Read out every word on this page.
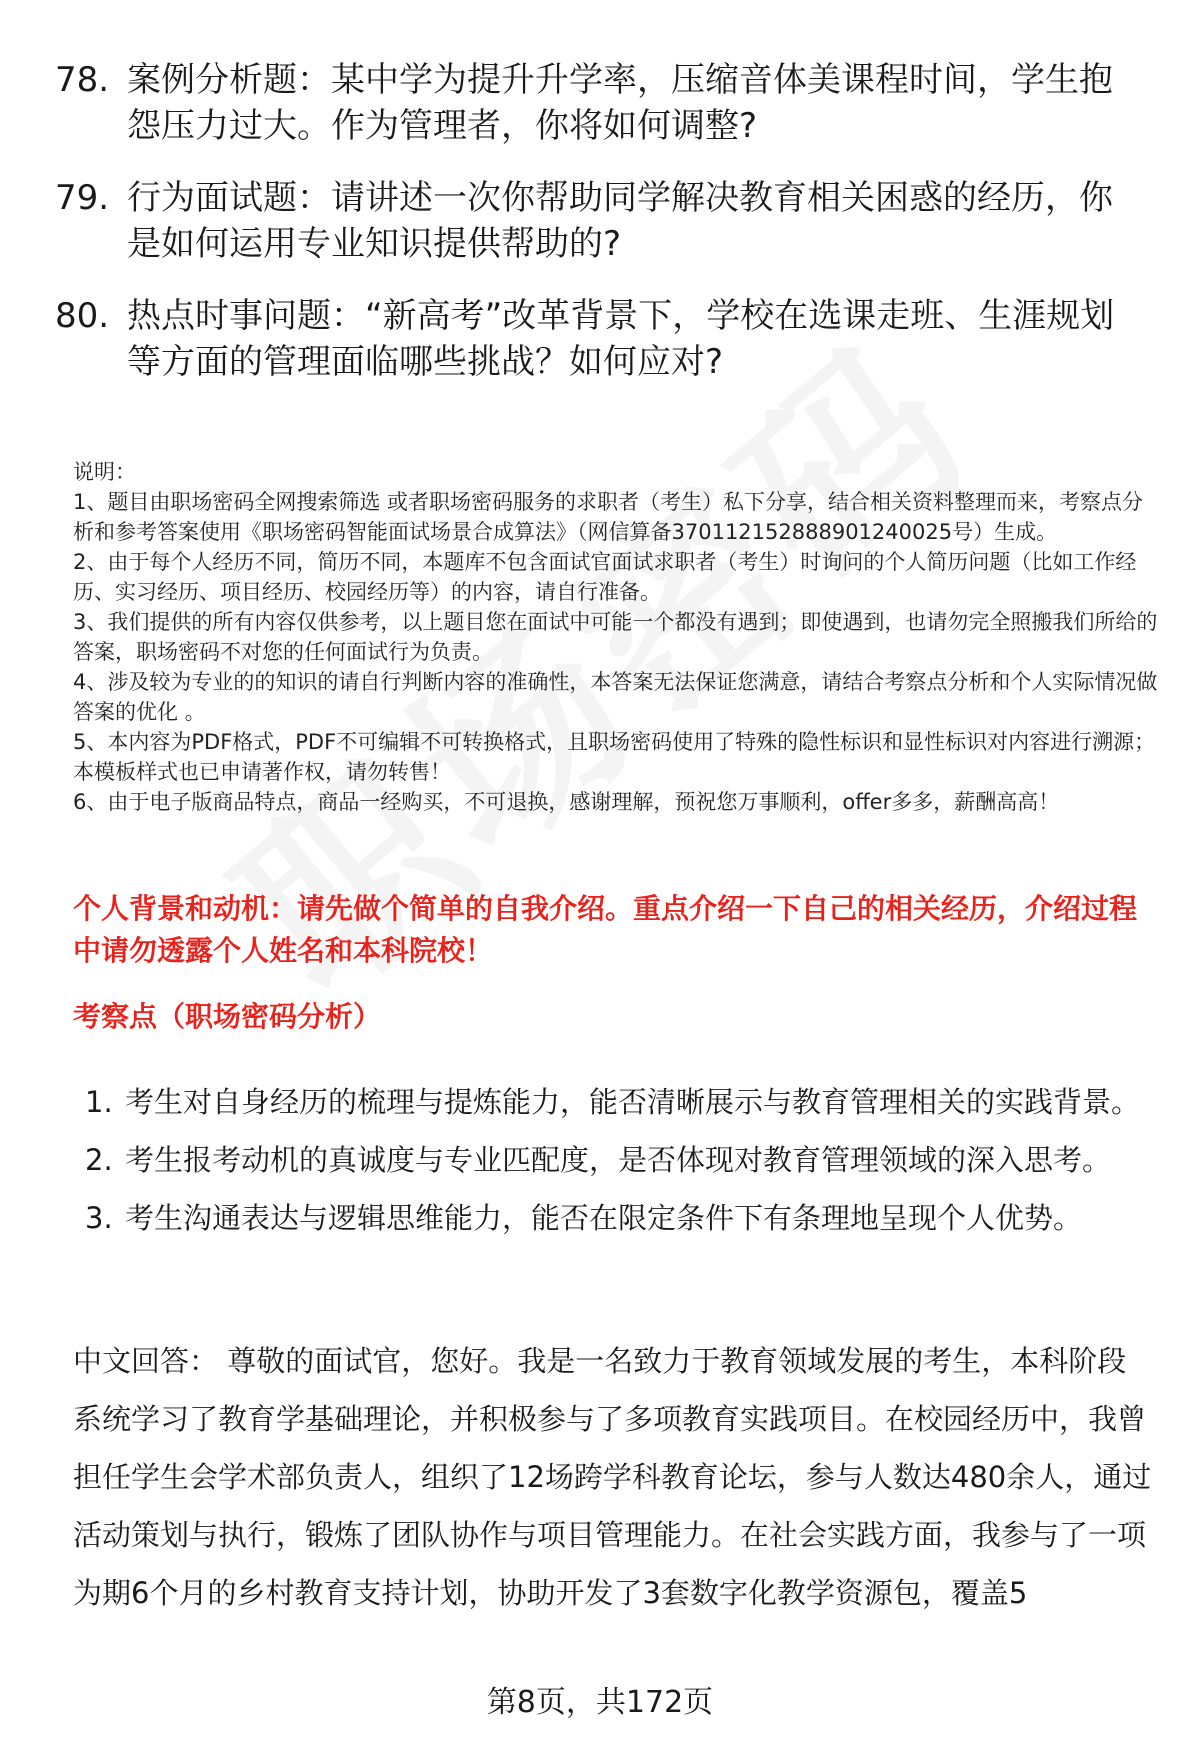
78. 案例分析题：某中学为提升升学率，压缩音体美课程时间，学生抱怨压力过大。作为管理者，你将如何调整?
79. 行为面试题：请讲述一次你帮助同学解决教育相关困惑的经历，你是如何运用专业知识提供帮助的?
80. 热点时事问题：“新高考”改革背景下，学校在选课走班、生涯规划等方面的管理面临哪些挑战？如何应对?

说明：

1、题目由职场密码全网搜索筛选 或者职场密码服务的求职者（考生）私下分享，结合相关资料整理而来，考察点分析和参考答案使用《职场密码智能面试场景合成算法》（网信算备370112152888901240025号）生成。

2、由于每个人经历不同，简历不同，本题库不包含面试官面试求职者（考生）时询问的个人简历问题（比如工作经历、实习经历、项目经历、校园经历等）的内容，请自行准备。

3、我们提供的所有内容仅供参考，以上题目您在面试中可能一个都没有遇到；即使遇到，也请勿完全照搬我们所给的答案，职场密码不对您的任何面试行为负责。

4、涉及较为专业的的知识的请自行判断内容的准确性，本答案无法保证您满意，请结合考察点分析和个人实际情况做答案的优化 。

5、本内容为PDF格式，PDF不可编辑不可转换格式，且职场密码使用了特殊的隐性标识和显性标识对内容进行溯源；本模板样式也已申请著作权，请勿转售！

6、由于电子版商品特点，商品一经购买，不可退换，感谢理解，预祝您万事顺利，offer多多，薪酬高高！

个人背景和动机：请先做个简单的自我介绍。重点介绍一下自己的相关经历，介绍过程中请勿透露个人姓名和本科院校！
考察点（职场密码分析）
1. 考生对自身经历的梳理与提炼能力，能否清晰展示与教育管理相关的实践背景。
2. 考生报考动机的真诚度与专业匹配度，是否体现对教育管理领域的深入思考。
3. 考生沟通表达与逻辑思维能力，能否在限定条件下有条理地呈现个人优势。
中文回答： 尊敬的面试官，您好。我是一名致力于教育领域发展的考生，本科阶段系统学习了教育学基础理论，并积极参与了多项教育实践项目。在校园经历中，我曾担任学生会学术部负责人，组织了12场跨学科教育论坛，参与人数达480余人，通过活动策划与执行，锻炼了团队协作与项目管理能力。在社会实践方面，我参与了一项为期6个月的乡村教育支持计划，协助开发了3套数字化教学资源包，覆盖5
第8页，共172页
